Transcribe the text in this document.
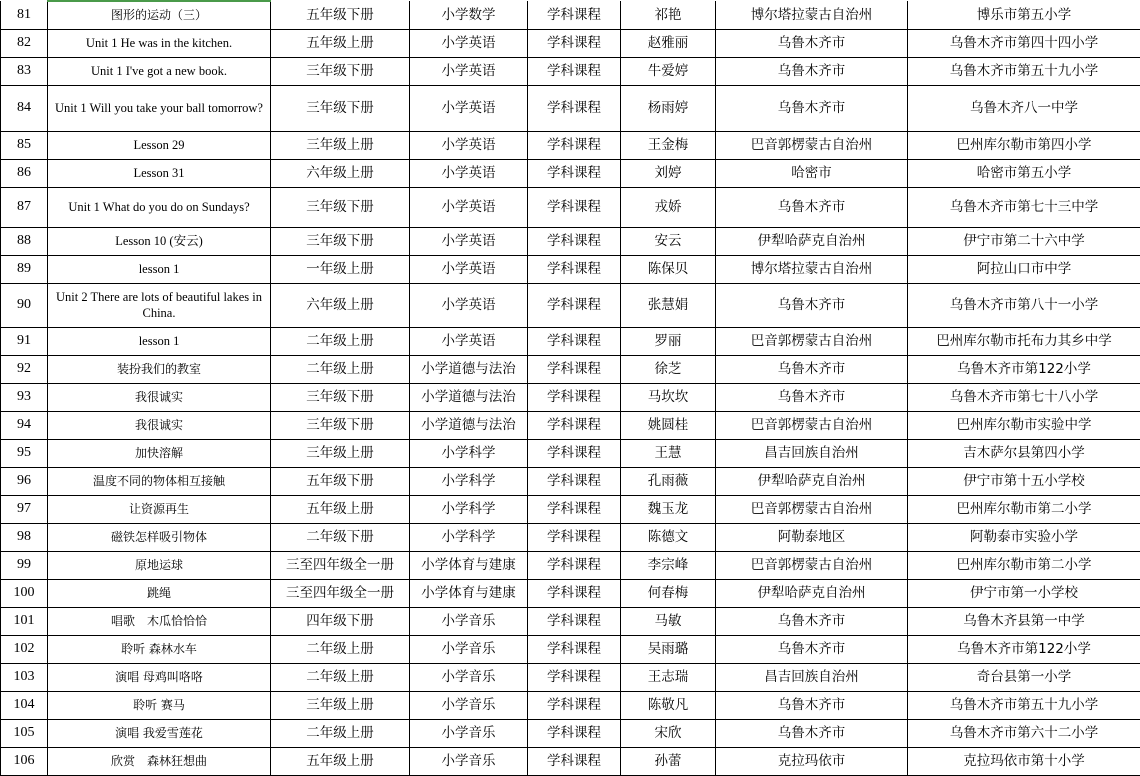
81	图形的运动（三）	五年级下册	小学数学	学科课程	祁艳	博尔塔拉蒙古自治州	博乐市第五小学
82	Unit 1 He was in the kitchen.	五年级上册	小学英语	学科课程	赵雅丽	乌鲁木齐市	乌鲁木齐市第四十四小学
83	Unit 1 I've got a new book.	三年级下册	小学英语	学科课程	牛爱婷	乌鲁木齐市	乌鲁木齐市第五十九小学
84	Unit 1 Will you take your ball tomorrow?	三年级下册	小学英语	学科课程	杨雨婷	乌鲁木齐市	乌鲁木齐八一中学
85	Lesson 29	三年级上册	小学英语	学科课程	王金梅	巴音郭楞蒙古自治州	巴州库尔勒市第四小学
86	Lesson 31	六年级上册	小学英语	学科课程	刘婷	哈密市	哈密市第五小学
87	Unit 1 What do you do on Sundays?	三年级下册	小学英语	学科课程	戎娇	乌鲁木齐市	乌鲁木齐市第七十三中学
88	Lesson 10 (安云)	三年级下册	小学英语	学科课程	安云	伊犁哈萨克自治州	伊宁市第二十六中学
89	lesson 1	一年级上册	小学英语	学科课程	陈保贝	博尔塔拉蒙古自治州	阿拉山口市中学
90	Unit 2 There are lots of beautiful lakes in China.	六年级上册	小学英语	学科课程	张慧娟	乌鲁木齐市	乌鲁木齐市第八十一小学
91	lesson 1	二年级上册	小学英语	学科课程	罗丽	巴音郭楞蒙古自治州	巴州库尔勒市托布力其乡中学
92	装扮我们的教室	二年级上册	小学道德与法治	学科课程	徐芝	乌鲁木齐市	乌鲁木齐市第122小学
93	我很诚实	三年级下册	小学道德与法治	学科课程	马坎坎	乌鲁木齐市	乌鲁木齐市第七十八小学
94	我很诚实	三年级下册	小学道德与法治	学科课程	姚圆桂	巴音郭楞蒙古自治州	巴州库尔勒市实验中学
95	加快溶解	三年级上册	小学科学	学科课程	王慧	昌吉回族自治州	吉木萨尔县第四小学
96	温度不同的物体相互接触	五年级下册	小学科学	学科课程	孔雨薇	伊犁哈萨克自治州	伊宁市第十五小学校
97	让资源再生	五年级上册	小学科学	学科课程	魏玉龙	巴音郭楞蒙古自治州	巴州库尔勒市第二小学
98	磁铁怎样吸引物体	二年级下册	小学科学	学科课程	陈德文	阿勒泰地区	阿勒泰市实验小学
99	原地运球	三至四年级全一册	小学体育与建康	学科课程	李宗峰	巴音郭楞蒙古自治州	巴州库尔勒市第二小学
100	跳绳	三至四年级全一册	小学体育与建康	学科课程	何春梅	伊犁哈萨克自治州	伊宁市第一小学校
101	唱歌　木瓜恰恰恰	四年级下册	小学音乐	学科课程	马敏	乌鲁木齐市	乌鲁木齐县第一中学
102	聆听 森林水车	二年级上册	小学音乐	学科课程	吴雨璐	乌鲁木齐市	乌鲁木齐市第122小学
103	演唱 母鸡叫咯咯	二年级上册	小学音乐	学科课程	王志瑞	昌吉回族自治州	奇台县第一小学
104	聆听 赛马	三年级上册	小学音乐	学科课程	陈敬凡	乌鲁木齐市	乌鲁木齐市第五十九小学
105	演唱 我爱雪莲花	二年级上册	小学音乐	学科课程	宋欣	乌鲁木齐市	乌鲁木齐市第六十二小学
106	欣赏　森林狂想曲	五年级上册	小学音乐	学科课程	孙蕾	克拉玛依市	克拉玛依市第十小学
